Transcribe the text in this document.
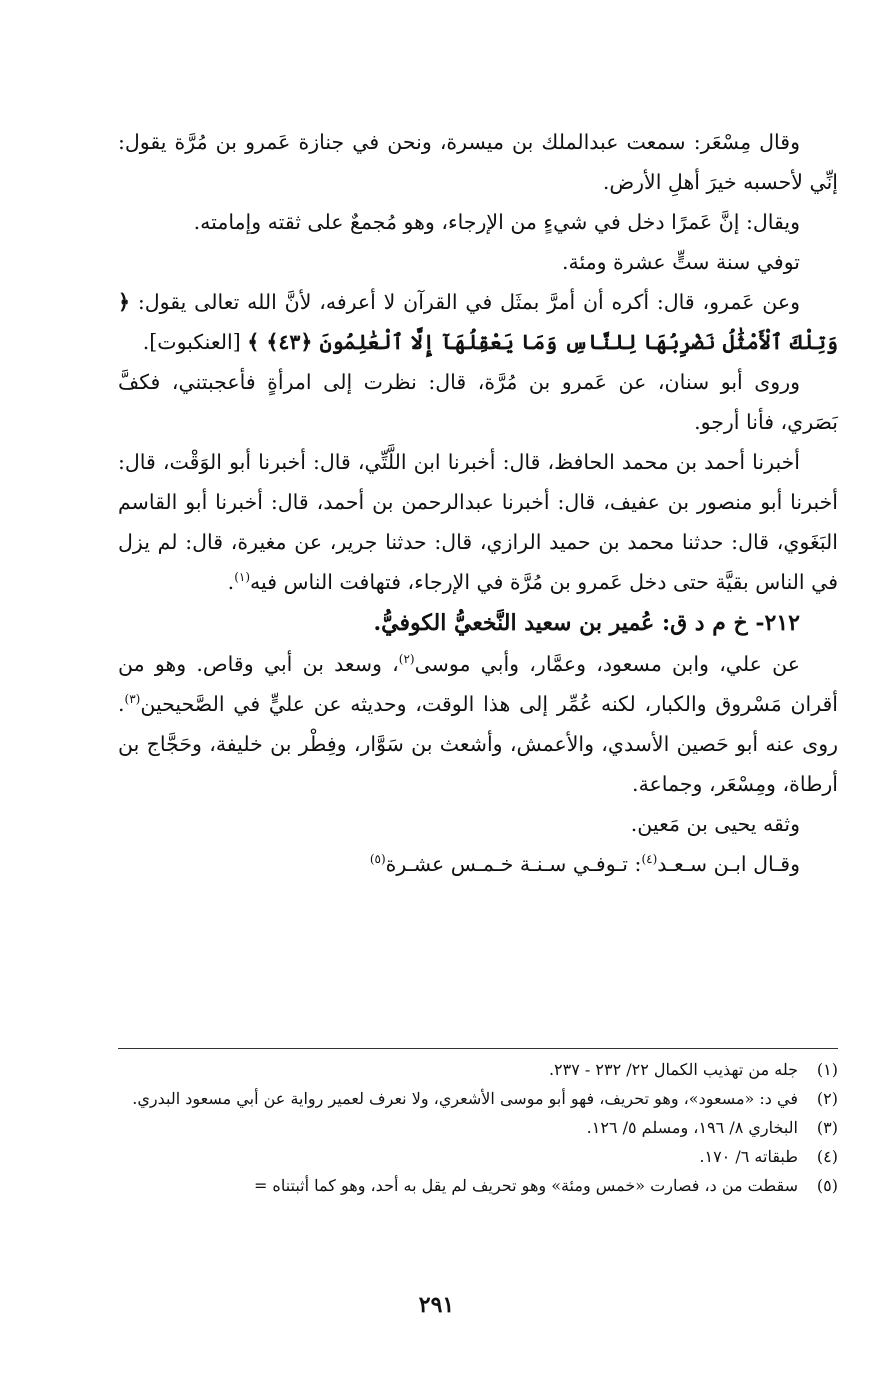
وقال مِسْعَر: سمعت عبدالملك بن ميسرة، ونحن في جنازة عَمرو بن مُرَّة يقول: إنِّي لأحسبه خيرَ أهلِ الأرض.

ويقال: إنَّ عَمرًا دخل في شيءٍ من الإرجاء، وهو مُجمعٌ على ثقته وإمامته.

توفي سنة ستٍّ عشرة ومئة.

وعن عَمرو، قال: أكره أن أمرَّ بمثَل في القرآن لا أعرفه، لأنَّ الله تعالى يقول: ﴿ وَتِلْكَ ٱلْأَمْثَٰلُ نَضْرِبُهَا لِلنَّاسِ وَمَا يَعْقِلُهَآ إِلَّا ٱلْعَٰلِمُونَ ﴿٤٣﴾ ﴾ [العنكبوت].

وروى أبو سنان، عن عَمرو بن مُرَّة، قال: نظرت إلى امرأةٍ فأعجبتني، فكفَّ بَصَري، فأنا أرجو.

أخبرنا أحمد بن محمد الحافظ، قال: أخبرنا ابن اللَّتِّي، قال: أخبرنا أبو الوَقْت، قال: أخبرنا أبو منصور بن عفيف، قال: أخبرنا عبدالرحمن بن أحمد، قال: أخبرنا أبو القاسم البَغَوي، قال: حدثنا محمد بن حميد الرازي، قال: حدثنا جرير، عن مغيرة، قال: لم يزل في الناس بقيَّة حتى دخل عَمرو بن مُرَّة في الإرجاء، فتهافت الناس فيه$^{(١)}$.

٢١٢- خ م د ق: عُمير بن سعيد النَّخعيُّ الكوفيُّ.

عن علي، وابن مسعود، وعمَّار، وأبي موسى$^{(٢)}$، وسعد بن أبي وقاص. وهو من أقران مَسْروق والكبار، لكنه عُمِّر إلى هذا الوقت، وحديثه عن عليٍّ في الصَّحيحين$^{(٣)}$. روى عنه أبو حَصين الأسدي، والأعمش، وأشعث بن سَوَّار، وفِطْر بن خليفة، وحَجَّاج بن أرطاة، ومِسْعَر، وجماعة.

وثقه يحيى بن مَعين.

وقـال ابـن سـعـد$^{(٤)}$: تـوفـي سـنـة خـمـس عشـرة$^{(٥)}$

(١)
جله من تهذيب الكمال ٢٢/ ٢٣٢ - ٢٣٧.
(٢)
في د: «مسعود»، وهو تحريف، فهو أبو موسى الأشعري، ولا نعرف لعمير رواية عن أبي مسعود البدري.
(٣)
البخاري ٨/ ١٩٦، ومسلم ٥/ ١٢٦.
(٤)
طبقاته ٦/ ١٧٠.
(٥)
سقطت من د، فصارت «خمس ومئة» وهو تحريف لم يقل به أحد، وهو كما أثبتناه =
٢٩١
